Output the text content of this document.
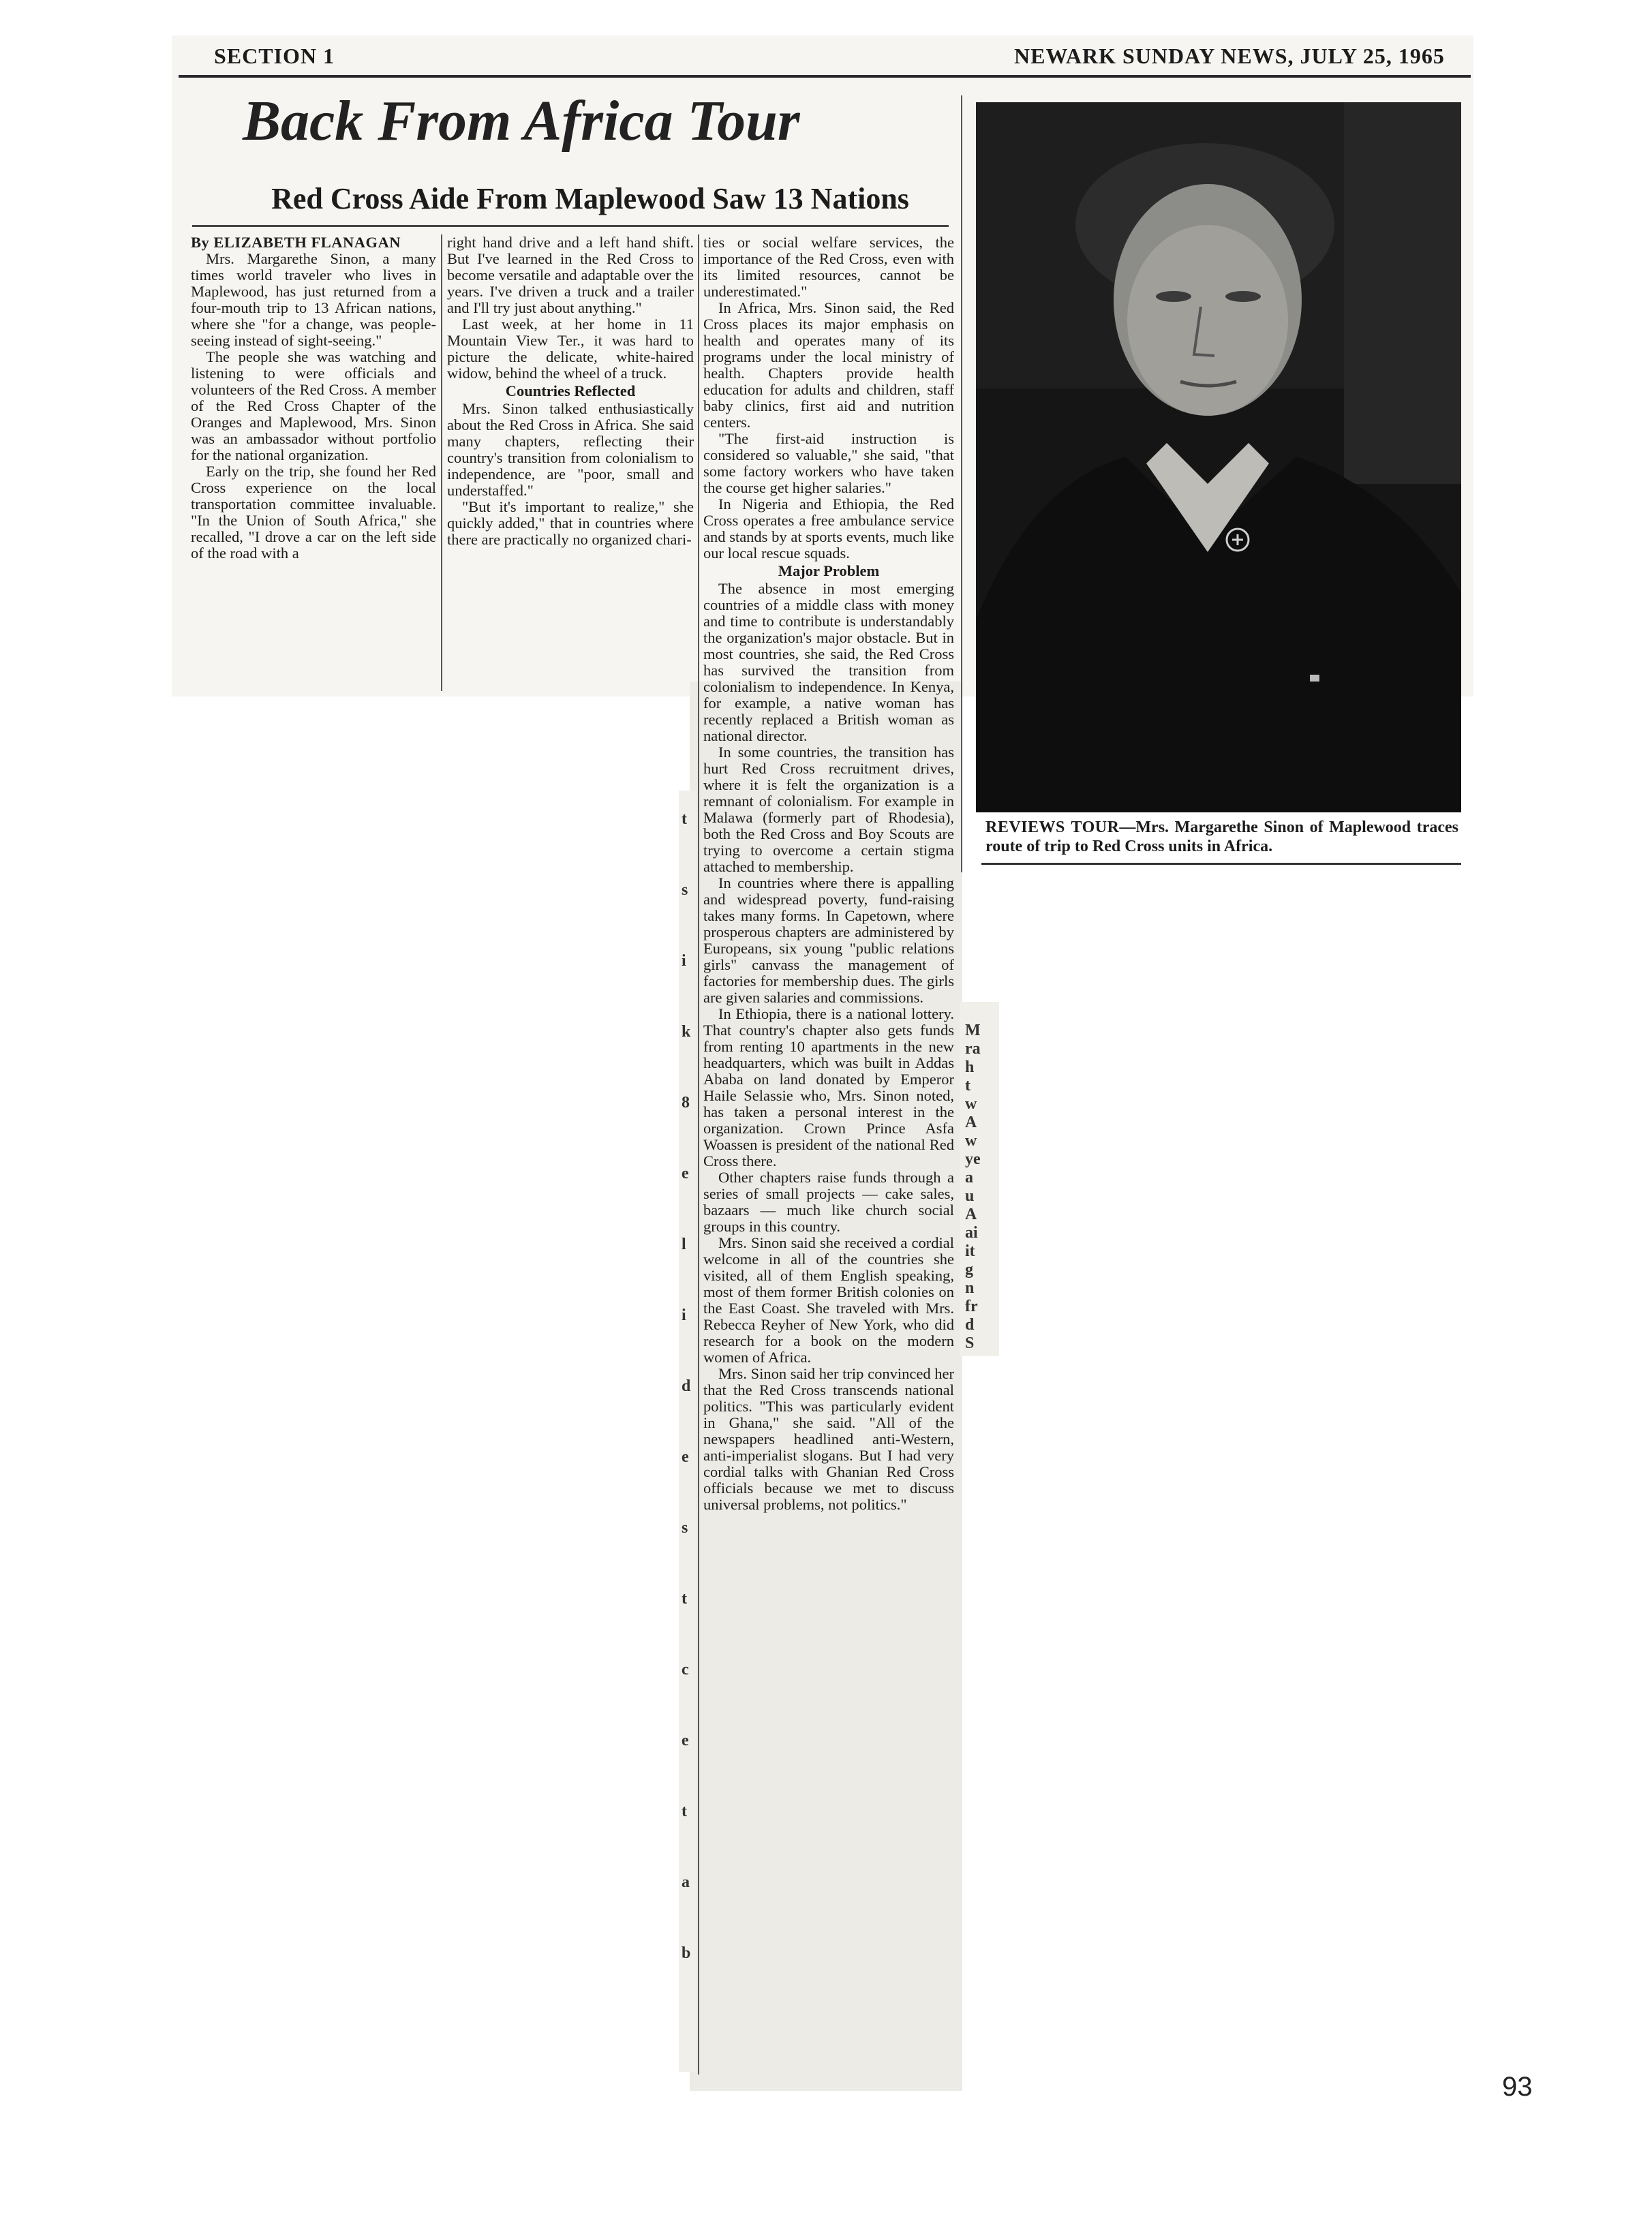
SECTION 1	NEWARK SUNDAY NEWS, JULY 25, 1965
Back From Africa Tour
Red Cross Aide From Maplewood Saw 13 Nations

By ELIZABETH FLANAGAN

Mrs. Margarethe Sinon, a many times world traveler who lives in Maplewood, has just returned from a four-mouth trip to 13 African nations, where she "for a change, was people-seeing instead of sight-seeing."

The people she was watching and listening to were officials and volunteers of the Red Cross. A member of the Red Cross Chapter of the Oranges and Maplewood, Mrs. Sinon was an ambassador without portfolio for the national organization.

Early on the trip, she found her Red Cross experience on the local transportation committee invaluable. "In the Union of South Africa," she recalled, "I drove a car on the left side of the road with a

right hand drive and a left hand shift. But I've learned in the Red Cross to become versatile and adaptable over the years. I've driven a truck and a trailer and I'll try just about anything."

Last week, at her home in 11 Mountain View Ter., it was hard to picture the delicate, white-haired widow, behind the wheel of a truck.

Countries Reflected

Mrs. Sinon talked enthusiastically about the Red Cross in Africa. She said many chapters, reflecting their country's transition from colonialism to independence, are "poor, small and understaffed."

"But it's important to realize," she quickly added," that in countries where there are practically no organized chari-

ties or social welfare services, the importance of the Red Cross, even with its limited resources, cannot be underestimated."

In Africa, Mrs. Sinon said, the Red Cross places its major emphasis on health and operates many of its programs under the local ministry of health. Chapters provide health education for adults and children, staff baby clinics, first aid and nutrition centers.

"The first-aid instruction is considered so valuable," she said, "that some factory workers who have taken the course get higher salaries."

In Nigeria and Ethiopia, the Red Cross operates a free ambulance service and stands by at sports events, much like our local rescue squads.

Major Problem

The absence in most emerging countries of a middle class with money and time to contribute is understandably the organization's major obstacle. But in most countries, she said, the Red Cross has survived the transition from colonialism to independence. In Kenya, for example, a native woman has recently replaced a British woman as national director.

In some countries, the transition has hurt Red Cross recruitment drives, where it is felt the organization is a remnant of colonialism. For example in Malawa (formerly part of Rhodesia), both the Red Cross and Boy Scouts are trying to overcome a certain stigma attached to membership.

In countries where there is appalling and widespread poverty, fund-raising takes many forms. In Capetown, where prosperous chapters are administered by Europeans, six young "public relations girls" canvass the management of factories for membership dues. The girls are given salaries and commissions.

In Ethiopia, there is a national lottery. That country's chapter also gets funds from renting 10 apartments in the new headquarters, which was built in Addas Ababa on land donated by Emperor Haile Selassie who, Mrs. Sinon noted, has taken a personal interest in the organization. Crown Prince Asfa Woassen is president of the national Red Cross there.

Other chapters raise funds through a series of small projects — cake sales, bazaars — much like church social groups in this country.

Mrs. Sinon said she received a cordial welcome in all of the countries she visited, all of them English speaking, most of them former British colonies on the East Coast. She traveled with Mrs. Rebecca Reyher of New York, who did research for a book on the modern women of Africa.

Mrs. Sinon said her trip convinced her that the Red Cross transcends national politics. "This was particularly evident in Ghana," she said. "All of the newspapers headlined anti-Western, anti-imperialist slogans. But I had very cordial talks with Ghanian Red Cross officials because we met to discuss universal problems, not politics."

REVIEWS TOUR—Mrs. Margarethe Sinon of Maplewood traces route of trip to Red Cross units in Africa.
t
s
i
k
8
e
l
i
d
e
s
t
c
e
t
a
b
M
ra
h
t
w
A
w
ye
a
u
A
ai
it
g
n
fr
d
S
93
